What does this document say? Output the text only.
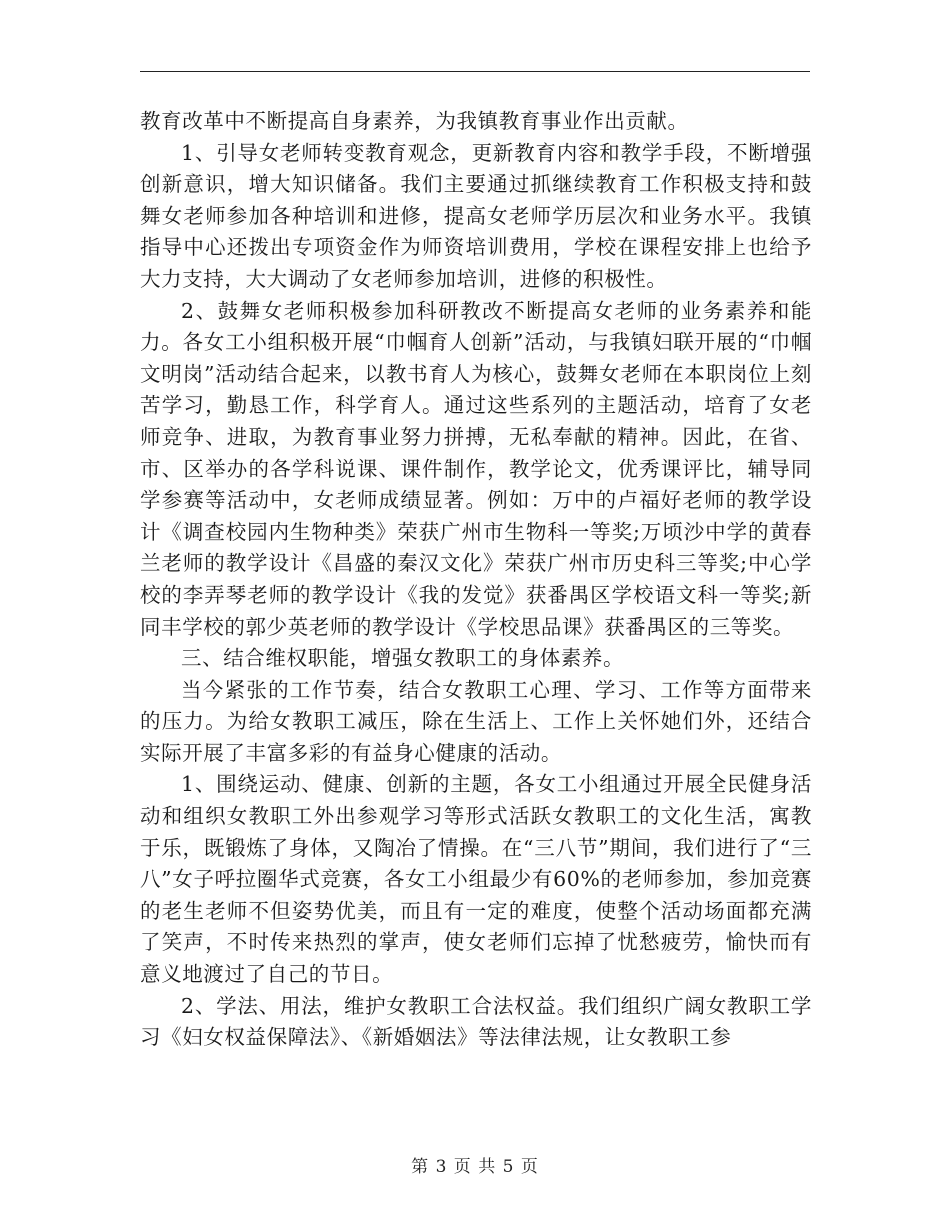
教育改革中不断提高自身素养，为我镇教育事业作出贡献。

1、引导女老师转变教育观念，更新教育内容和教学手段，不断增强创新意识，增大知识储备。我们主要通过抓继续教育工作积极支持和鼓舞女老师参加各种培训和进修，提高女老师学历层次和业务水平。我镇指导中心还拨出专项资金作为师资培训费用，学校在课程安排上也给予大力支持，大大调动了女老师参加培训，进修的积极性。

2、鼓舞女老师积极参加科研教改不断提高女老师的业务素养和能力。各女工小组积极开展“巾帼育人创新”活动，与我镇妇联开展的“巾帼文明岗”活动结合起来，以教书育人为核心，鼓舞女老师在本职岗位上刻苦学习，勤恳工作，科学育人。通过这些系列的主题活动，培育了女老师竞争、进取，为教育事业努力拼搏，无私奉献的精神。因此，在省、市、区举办的各学科说课、课件制作，教学论文，优秀课评比，辅导同学参赛等活动中，女老师成绩显著。例如：万中的卢福好老师的教学设计《调查校园内生物种类》荣获广州市生物科一等奖;万顷沙中学的黄春兰老师的教学设计《昌盛的秦汉文化》荣获广州市历史科三等奖;中心学校的李弄琴老师的教学设计《我的发觉》获番禺区学校语文科一等奖;新同丰学校的郭少英老师的教学设计《学校思品课》获番禺区的三等奖。

三、结合维权职能，增强女教职工的身体素养。

当今紧张的工作节奏，结合女教职工心理、学习、工作等方面带来的压力。为给女教职工减压，除在生活上、工作上关怀她们外，还结合实际开展了丰富多彩的有益身心健康的活动。

1、围绕运动、健康、创新的主题，各女工小组通过开展全民健身活动和组织女教职工外出参观学习等形式活跃女教职工的文化生活，寓教于乐，既锻炼了身体，又陶冶了情操。在“三八节”期间，我们进行了“三八”女子呼拉圈华式竞赛，各女工小组最少有60%的老师参加，参加竞赛的老生老师不但姿势优美，而且有一定的难度，使整个活动场面都充满了笑声，不时传来热烈的掌声，使女老师们忘掉了忧愁疲劳，愉快而有意义地渡过了自己的节日。

2、学法、用法，维护女教职工合法权益。我们组织广阔女教职工学习《妇女权益保障法》、《新婚姻法》等法律法规，让女教职工参

第 3 页 共 5 页
